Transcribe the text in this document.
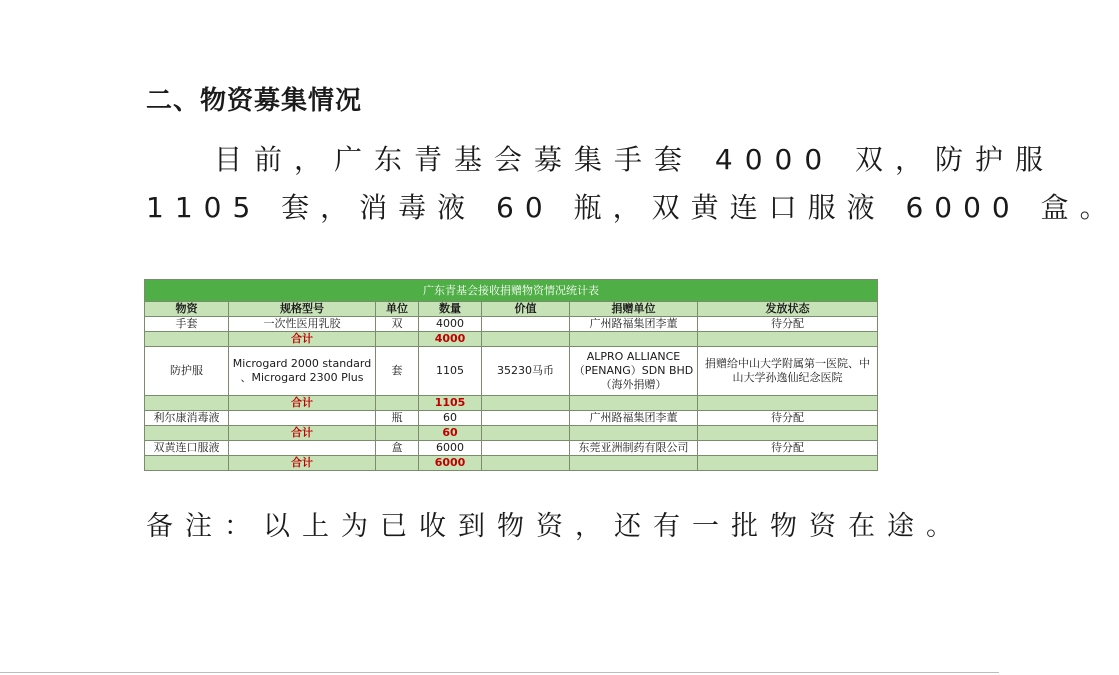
二、物资募集情况
目前，广东青基会募集手套 4000 双，防护服
1105 套，消毒液 60 瓶，双黄连口服液 6000 盒。
广东青基会接收捐赠物资情况统计表						
物资	规格型号	单位	数量	价值	捐赠单位	发放状态
手套	一次性医用乳胶	双	4000		广州路福集团李董	待分配
	合计		4000			
防护服	Microgard 2000 standard 、Microgard 2300 Plus	套	1105	35230马币	ALPRO ALLIANCE （PENANG）SDN BHD（海外捐赠）	捐赠给中山大学附属第一医院、中山大学孙逸仙纪念医院
	合计		1105			
利尔康消毒液		瓶	60		广州路福集团李董	待分配
	合计		60			
双黄连口服液		盒	6000		东莞亚洲制药有限公司	待分配
	合计		6000			
备注：以上为已收到物资，还有一批物资在途。
